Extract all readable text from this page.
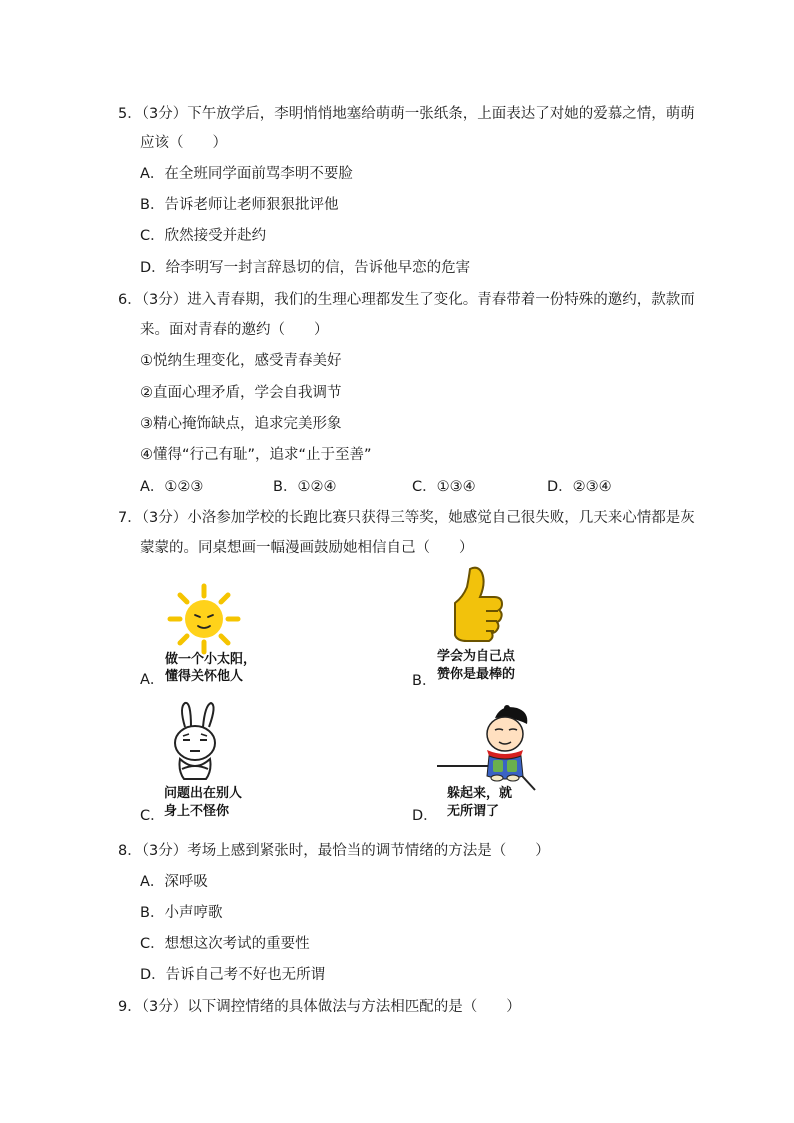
5．（3分）下午放学后，李明悄悄地塞给萌萌一张纸条，上面表达了对她的爱慕之情，萌萌
应该（　　）
A．在全班同学面前骂李明不要脸
B．告诉老师让老师狠狠批评他
C．欣然接受并赴约
D．给李明写一封言辞恳切的信，告诉他早恋的危害
6．（3分）进入青春期，我们的生理心理都发生了变化。青春带着一份特殊的邀约，款款而
来。面对青春的邀约（　　）
①悦纳生理变化，感受青春美好
②直面心理矛盾，学会自我调节
③精心掩饰缺点，追求完美形象
④懂得“行己有耻”，追求“止于至善”
A．①②③	B．①②④	C．①③④	D．②③④
7．（3分）小洛参加学校的长跑比赛只获得三等奖，她感觉自己很失败，几天来心情都是灰
蒙蒙的。同桌想画一幅漫画鼓励她相信自己（　　）
做一个小太阳，
懂得关怀他人
A．
学会为自己点
赞你是最棒的
B．
问题出在别人
身上不怪你
C．
躲起来，就
无所谓了
D．
8．（3分）考场上感到紧张时，最恰当的调节情绪的方法是（　　）
A．深呼吸
B．小声哼歌
C．想想这次考试的重要性
D．告诉自己考不好也无所谓
9．（3分）以下调控情绪的具体做法与方法相匹配的是（　　）
